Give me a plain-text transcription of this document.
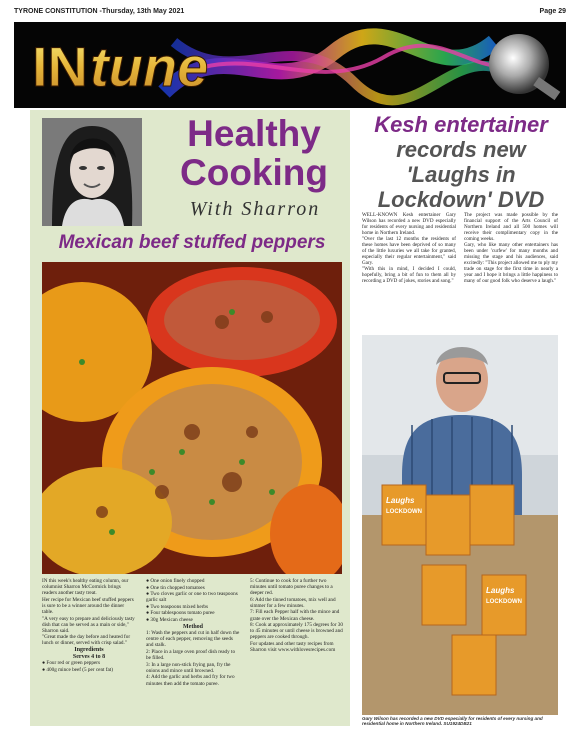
TYRONE CONSTITUTION -Thursday, 13th May 2021	Page 29
INtune
Healthy
Cooking
With Sharron
Mexican beef stuffed peppers

IN this week's healthy eating column, our columnist Sharron McCormick brings readers another tasty treat.

Her recipe for Mexican beef stuffed peppers is sure to be a winner around the dinner table.

"A very easy to prepare and deliciously tasty dish that can be served as a main or side," Sharron said.

"Great made the day before and heated for lunch or dinner, served with crisp salad."

Ingredients

Serves 4 to 8

● Four red or green peppers

● 400g mince beef (5 per cent fat)

● One onion finely chopped

● One tin chopped tomatoes

● Two cloves garlic or one to two teaspoons garlic salt

● Two teaspoons mixed herbs

● Four tablespoons tomato puree

● 30g Mexican cheese

Method

1: Wash the peppers and cut in half down the centre of each pepper, removing the seeds and stalk.

2: Place in a large oven proof dish ready to be filled.

3: In a large non-stick frying pan, fry the onions and mince until browned.

4: Add the garlic and herbs and fry for two minutes then add the tomato puree.

5: Continue to cook for a further two minutes until tomato puree changes to a deeper red.

6: Add the tinned tomatoes, mix well and simmer for a few minutes.

7: Fill each Pepper half with the mince and grate over the Mexican cheese.

8: Cook at approximately 175 degrees for 30 to 45 minutes or until cheese is browned and peppers are cooked through.

For updates and other tasty recipes from Sharron visit www.withlovesrecipes.com

Kesh entertainer
records new
'Laughs in
Lockdown' DVD

WELL-KNOWN Kesh entertainer Gary Wilson has recorded a new DVD especially for residents of every nursing and residential home in Northern Ireland.

"Over the last 12 months the residents of these homes have been deprived of so many of the little luxuries we all take for granted, especially their regular entertainment," said Gary.

"With this in mind, I decided I could, hopefully, bring a bit of fun to them all by recording a DVD of jokes, stories and song."

The project was made possible by the financial support of the Arts Council of Northern Ireland and all 500 homes will receive their complimentary copy in the coming weeks.

Gary, who like many other entertainers has been under 'curfew' for many months and missing the stage and his audiences, said excitedly: "This project allowed me to ply my trade on stage for the first time in nearly a year and I hope it brings a little happiness to many of our good folk who deserve a laugh."

Laughs
LOCKDOWN
Laughs
LOCKDOWN
Gary Wilson has recorded a new DVD especially for residents of every nursing and residential home in Northern Ireland. SU1924DB21
